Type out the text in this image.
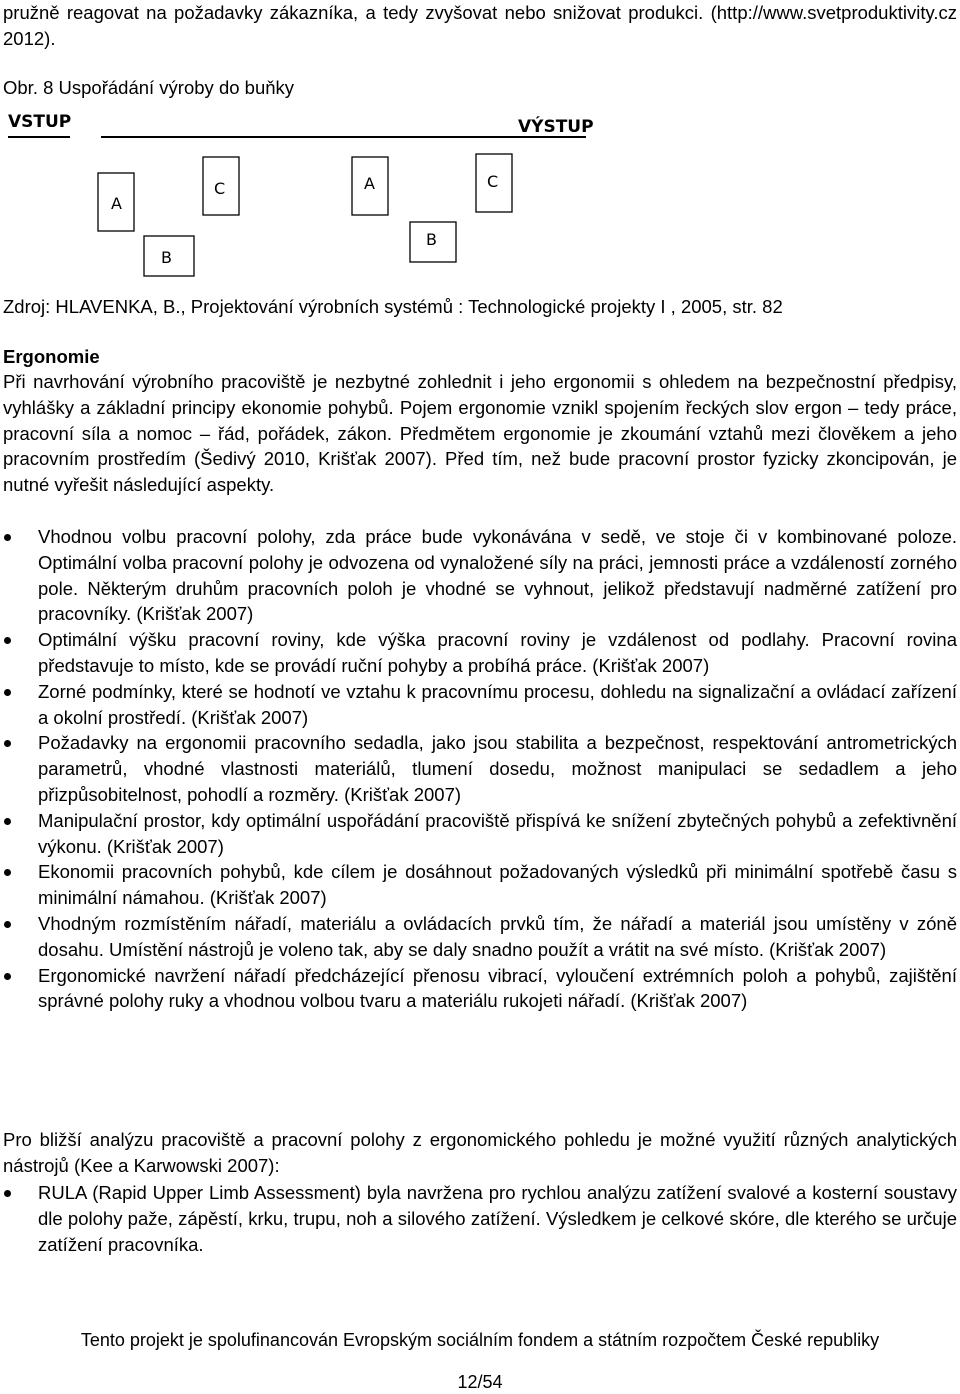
pružně reagovat na požadavky zákazníka, a tedy zvyšovat nebo snižovat produkci. (http://www.svetproduktivity.cz 2012).
Obr. 8 Uspořádání výroby do buňky
VSTUP	VÝSTUP
A
C
B
A	C
B
Zdroj: HLAVENKA, B., Projektování výrobních systémů : Technologické projekty I , 2005, str. 82
Ergonomie
Při navrhování výrobního pracoviště je nezbytné zohlednit i jeho ergonomii s ohledem na bezpečnostní předpisy, vyhlášky a základní principy ekonomie pohybů. Pojem ergonomie vznikl spojením řeckých slov ergon – tedy práce, pracovní síla a nomoc – řád, pořádek, zákon. Předmětem ergonomie je zkoumání vztahů mezi člověkem a jeho pracovním prostředím (Šedivý 2010, Krišťak 2007). Před tím, než bude pracovní prostor fyzicky zkoncipován, je nutné vyřešit následující aspekty.
Vhodnou volbu pracovní polohy, zda práce bude vykonávána v sedě, ve stoje či v kombinované poloze. Optimální volba pracovní polohy je odvozena od vynaložené síly na práci, jemnosti práce a vzdáleností zorného pole. Některým druhům pracovních poloh je vhodné se vyhnout, jelikož představují nadměrné zatížení pro pracovníky. (Krišťak 2007)
Optimální výšku pracovní roviny, kde výška pracovní roviny je vzdálenost od podlahy. Pracovní rovina představuje to místo, kde se provádí ruční pohyby a probíhá práce. (Krišťak 2007)
Zorné podmínky, které se hodnotí ve vztahu k pracovnímu procesu, dohledu na signalizační a ovládací zařízení a okolní prostředí. (Krišťak 2007)
Požadavky na ergonomii pracovního sedadla, jako jsou stabilita a bezpečnost, respektování antrometrických parametrů, vhodné vlastnosti materiálů, tlumení dosedu, možnost manipulaci se sedadlem a jeho přizpůsobitelnost, pohodlí a rozměry. (Krišťak 2007)
Manipulační prostor, kdy optimální uspořádání pracoviště přispívá ke snížení zbytečných pohybů a zefektivnění výkonu. (Krišťak 2007)
Ekonomii pracovních pohybů, kde cílem je dosáhnout požadovaných výsledků při minimální spotřebě času s minimální námahou. (Krišťak 2007)
Vhodným rozmístěním nářadí, materiálu a ovládacích prvků tím, že nářadí a materiál jsou umístěny v zóně dosahu. Umístění nástrojů je voleno tak, aby se daly snadno použít a vrátit na své místo. (Krišťak 2007)
Ergonomické navržení nářadí předcházející přenosu vibrací, vyloučení extrémních poloh a pohybů, zajištění správné polohy ruky a vhodnou volbou tvaru a materiálu rukojeti nářadí. (Krišťak 2007)
Pro bližší analýzu pracoviště a pracovní polohy z ergonomického pohledu je možné využití různých analytických nástrojů (Kee a Karwowski 2007):
RULA (Rapid Upper Limb Assessment) byla navržena pro rychlou analýzu zatížení svalové a kosterní soustavy dle polohy paže, zápěstí, krku, trupu, noh a silového zatížení. Výsledkem je celkové skóre, dle kterého se určuje zatížení pracovníka.
Tento projekt je spolufinancován Evropským sociálním fondem a státním rozpočtem České republiky
12/54
